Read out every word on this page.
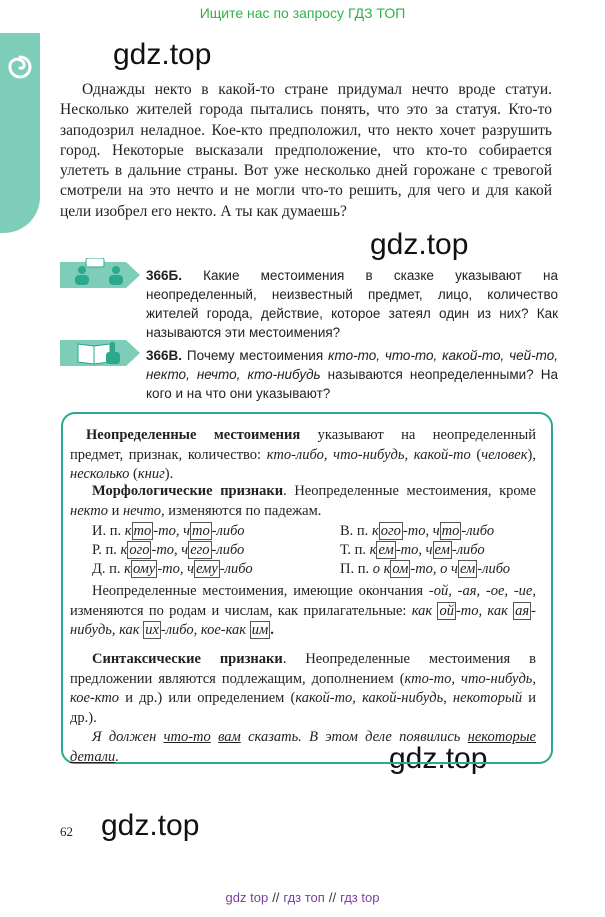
Ищите нас по запросу ГДЗ ТОП
gdz.top
gdz.top
gdz.top
gdz.top

Однажды некто в какой-то стране придумал нечто вроде статуи. Несколько жителей города пытались понять, что это за статуя. Кто-то заподозрил неладное. Кое-кто предположил, что некто хочет разрушить город. Некоторые высказали предположение, что кто-то собирается улететь в дальние страны. Вот уже несколько дней горожане с тревогой смотрели на это нечто и не могли что-то решить, для чего и для какой цели изобрел его некто. А ты как думаешь?

366Б. Какие местоимения в сказке указывают на неопределенный, неизвестный предмет, лицо, количество жителей города, действие, которое затеял один из них? Как называются эти местоимения?
366В. Почему местоимения кто-то, что-то, какой-то, чей-то, некто, нечто, кто-нибудь называются неопределенными? На кого и на что они указывают?

Неопределенные местоимения указывают на неопределенный предмет, признак, количество: кто-либо, что-нибудь, какой-то (человек), несколько (книг).

Морфологические признаки. Неопределенные местоимения, кроме некто и нечто, изменяются по падежам.

И. п. к то -то, ч то -либо
Р. п. к ого -то, ч его -либо
Д. п. к ому -то, ч ему -либо
В. п. к ого -то, ч то -либо
Т. п. к ем -то, ч ем -либо
П. п. о к ом -то, о ч ем -либо

Неопределенные местоимения, имеющие окончания -ой, -ая, -ое, -ие, изменяются по родам и числам, как прилагательные: как ой -то, как ая -нибудь, как их -либо, кое-как им .

Синтаксические признаки. Неопределенные местоимения в предложении являются подлежащим, дополнением (кто-то, что-нибудь, кое-кто и др.) или определением (какой-то, какой-нибудь, некоторый и др.).

Я должен что-то вам сказать. В этом деле появились некоторые детали.

62
gdz top // гдз топ // гдз top
